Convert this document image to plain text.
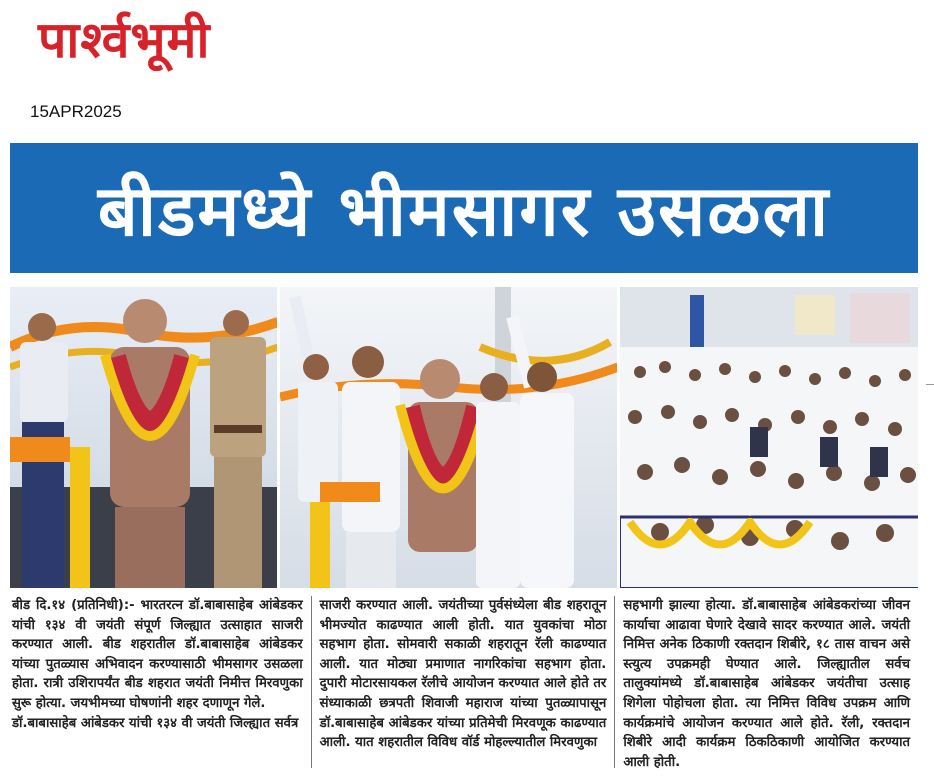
पार्श्वभूमी
15APR2025
बीडमध्ये भीमसागर उसळला

बीड दि.१४ (प्रतिनिधी):- भारतरत्न डॉ.बाबासाहेब आंबेडकर यांची १३४ वी जयंती संपूर्ण जिल्ह्यात उत्साहात साजरी करण्यात आली. बीड शहरातील डॉ.बाबासाहेब आंबेडकर यांच्या पुतळ्यास अभिवादन करण्यासाठी भीमसागर उसळला होता. रात्री उशिरापर्यंत बीड शहरात जयंती निमीत्त मिरवणुका सुरू होत्या. जयभीमच्या घोषणांनी शहर दणाणून गेले.

डॉ.बाबासाहेब आंबेडकर यांची १३४ वी जयंती जिल्ह्यात सर्वत्र

साजरी करण्यात आली. जयंतीच्या पुर्वसंध्येला बीड शहरातून भीमज्योत काढण्यात आली होती. यात युवकांचा मोठा सहभाग होता. सोमवारी सकाळी शहरातून रॅली काढण्यात आली. यात मोठ्या प्रमाणात नागरिकांचा सहभाग होता. दुपारी मोटारसायकल रॅलीचे आयोजन करण्यात आले होते तर संध्याकाळी छत्रपती शिवाजी महाराज यांच्या पुतळ्यापासून डॉ.बाबासाहेब आंबेडकर यांच्या प्रतिमेची मिरवणूक काढण्यात आली. यात शहरातील विविध वॉर्ड मोहल्ल्यातील मिरवणुका

सहभागी झाल्या होत्या. डॉ.बाबासाहेब आंबेडकरांच्या जीवन कार्याचा आढावा घेणारे देखावे सादर करण्यात आले. जयंती निमित्त अनेक ठिकाणी रक्तदान शिबीरे, १८ तास वाचन असे स्त्युत्य उपक्रमही घेण्यात आले. जिल्ह्यातील सर्वच तालुक्यांमध्ये डॉ.बाबासाहेब आंबेडकर जयंतीचा उत्साह शिगेला पोहोचला होता. त्या निमित्त विविध उपक्रम आणि कार्यक्रमांचे आयोजन करण्यात आले होते. रॅली, रक्तदान शिबीरे आदी कार्यक्रम ठिकठिकाणी आयोजित करण्यात आली होती.
